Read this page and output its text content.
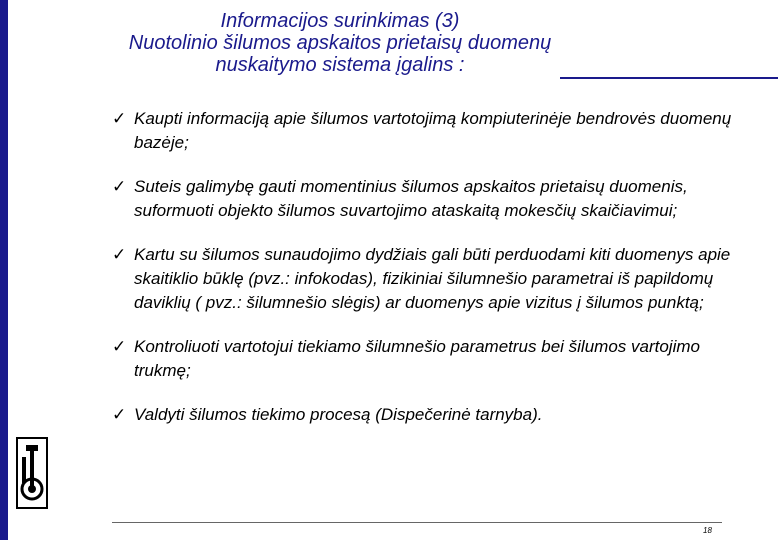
Informacijos surinkimas (3)
Nuotolinio šilumos apskaitos prietaisų duomenų
nuskaitymo sistema įgalins :
✓ Kaupti informaciją apie šilumos vartotojimą kompiuterinėje bendrovės duomenų bazėje;
✓ Suteis galimybę gauti momentinius šilumos apskaitos prietaisų duomenis, suformuoti objekto šilumos suvartojimo ataskaitą mokesčių skaičiavimui;
✓ Kartu su šilumos sunaudojimo dydžiais gali būti perduodami kiti duomenys apie skaitiklio būklę (pvz.: infokodas), fizikiniai šilumnešio parametrai iš papildomų daviklių ( pvz.: šilumnešio slėgis) ar duomenys apie vizitus į šilumos punktą;
✓ Kontroliuoti vartotojui tiekiamo šilumnešio parametrus bei šilumos vartojimo trukmę;
✓ Valdyti šilumos tiekimo procesą (Dispečerinė tarnyba).
18
